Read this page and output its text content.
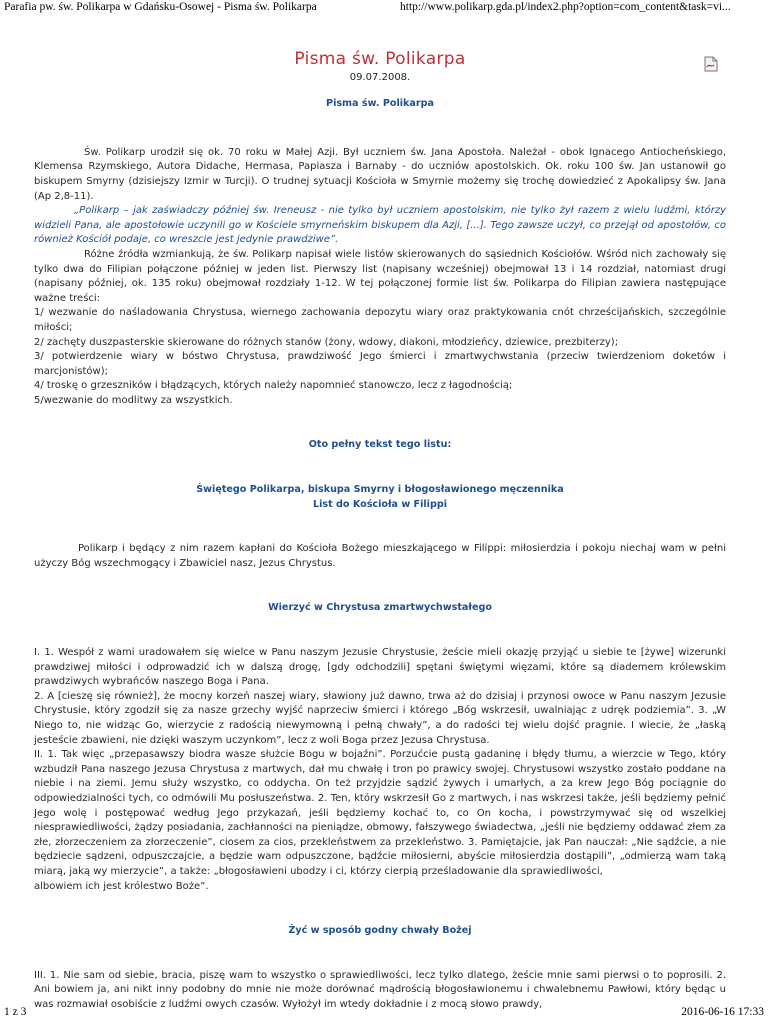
Parafia pw. św. Polikarpa w Gdańsku-Osowej - Pisma św. Polikarpa	http://www.polikarp.gda.pl/index2.php?option=com_content&task=vi...
Pisma św. Polikarpa
09.07.2008.
Pisma św. Polikarpa

Św. Polikarp urodził się ok. 70 roku w Małej Azji. Był uczniem św. Jana Apostoła. Należał - obok Ignacego Antiocheńskiego, Klemensa Rzymskiego, Autora Didache, Hermasa, Papiasza i Barnaby - do uczniów apostolskich. Ok. roku 100 św. Jan ustanowił go biskupem Smyrny (dzisiejszy Izmir w Turcji). O trudnej sytuacji Kościoła w Smyrnie możemy się trochę dowiedzieć z Apokalipsy św. Jana (Ap 2,8-11).

„Polikarp – jak zaświadczy później św. Ireneusz - nie tylko był uczniem apostolskim, nie tylko żył razem z wielu ludźmi, którzy widzieli Pana, ale apostołowie uczynili go w Kościele smyrneńskim biskupem dla Azji, [...]. Tego zawsze uczył, co przejął od apostołów, co również Kościół podaje, co wreszcie jest jedynie prawdziwe”.

Różne źródła wzmiankują, że św. Polikarp napisał wiele listów skierowanych do sąsiednich Kościołów. Wśród nich zachowały się tylko dwa do Filipian połączone później w jeden list. Pierwszy list (napisany wcześniej) obejmował 13 i 14 rozdział, natomiast drugi (napisany później, ok. 135 roku) obejmował rozdziały 1-12. W tej połączonej formie list św. Polikarpa do Filipian zawiera następujące ważne treści:

1/ wezwanie do naśladowania Chrystusa, wiernego zachowania depozytu wiary oraz praktykowania cnót chrześcijańskich, szczególnie miłości;

2/ zachęty duszpasterskie skierowane do różnych stanów (żony, wdowy, diakoni, młodzieńcy, dziewice, prezbiterzy);

3/ potwierdzenie wiary w bóstwo Chrystusa, prawdziwość Jego śmierci i zmartwychwstania (przeciw twierdzeniom doketów i marcjonistów);

4/ troskę o grzeszników i błądzących, których należy napomnieć stanowczo, lecz z łagodnością;

5/wezwanie do modlitwy za wszystkich.

Oto pełny tekst tego listu:
Świętego Polikarpa, biskupa Smyrny i błogosławionego męczennika
List do Kościoła w Filippi

Polikarp i będący z nim razem kapłani do Kościoła Bożego mieszkającego w Filippi: miłosierdzia i pokoju niechaj wam w pełni użyczy Bóg wszechmogący i Zbawiciel nasz, Jezus Chrystus.

Wierzyć w Chrystusa zmartwychwstałego

I. 1. Wespół z wami uradowałem się wielce w Panu naszym Jezusie Chrystusie, żeście mieli okazję przyjąć u siebie te [żywe] wizerunki prawdziwej miłości i odprowadzić ich w dalszą drogę, [gdy odchodzili] spętani świętymi więzami, które są diademem królewskim prawdziwych wybrańców naszego Boga i Pana.

2. A [cieszę się również], że mocny korzeń naszej wiary, sławiony już dawno, trwa aż do dzisiaj i przynosi owoce w Panu naszym Jezusie Chrystusie, który zgodził się za nasze grzechy wyjść naprzeciw śmierci i którego „Bóg wskrzesił, uwalniając z udręk podziemia”. 3. „W Niego to, nie widząc Go, wierzycie z radością niewymowną i pełną chwały”, a do radości tej wielu dojść pragnie. I wiecie, że „łaską jesteście zbawieni, nie dzięki waszym uczynkom”, lecz z woli Boga przez Jezusa Chrystusa.

II. 1. Tak więc „przepasawszy biodra wasze służcie Bogu w bojaźni”. Porzućcie pustą gadaninę i błędy tłumu, a wierzcie w Tego, który wzbudził Pana naszego Jezusa Chrystusa z martwych, dał mu chwałę i tron po prawicy swojej. Chrystusowi wszystko zostało poddane na niebie i na ziemi. Jemu służy wszystko, co oddycha. On też przyjdzie sądzić żywych i umarłych, a za krew Jego Bóg pociągnie do odpowiedzialności tych, co odmówili Mu posłuszeństwa. 2. Ten, który wskrzesił Go z martwych, i nas wskrzesi także, jeśli będziemy pełnić Jego wolę i postępować według Jego przykazań, jeśli będziemy kochać to, co On kocha, i powstrzymywać się od wszelkiej niesprawiedliwości, żądzy posiadania, zachłanności na pieniądze, obmowy, fałszywego świadectwa, „jeśli nie będziemy oddawać złem za złe, złorzeczeniem za złorzeczenie”, ciosem za cios, przekleństwem za przekleństwo. 3. Pamiętajcie, jak Pan nauczał: „Nie sądźcie, a nie będziecie sądzeni, odpuszczajcie, a będzie wam odpuszczone, bądźcie miłosierni, abyście miłosierdzia dostąpili”, „odmierzą wam taką miarą, jaką wy mierzycie”, a także: „błogosławieni ubodzy i ci, którzy cierpią prześladowanie dla sprawiedliwości,

albowiem ich jest królestwo Boże”.

Żyć w sposób godny chwały Bożej

III. 1. Nie sam od siebie, bracia, piszę wam to wszystko o sprawiedliwości, lecz tylko dlatego, żeście mnie sami pierwsi o to poprosili. 2. Ani bowiem ja, ani nikt inny podobny do mnie nie może dorównać mądrością błogosławionemu i chwalebnemu Pawłowi, który będąc u was rozmawiał osobiście z ludźmi owych czasów. Wyłożył im wtedy dokładnie i z mocą słowo prawdy,

1 z 3	2016-06-16 17:33
